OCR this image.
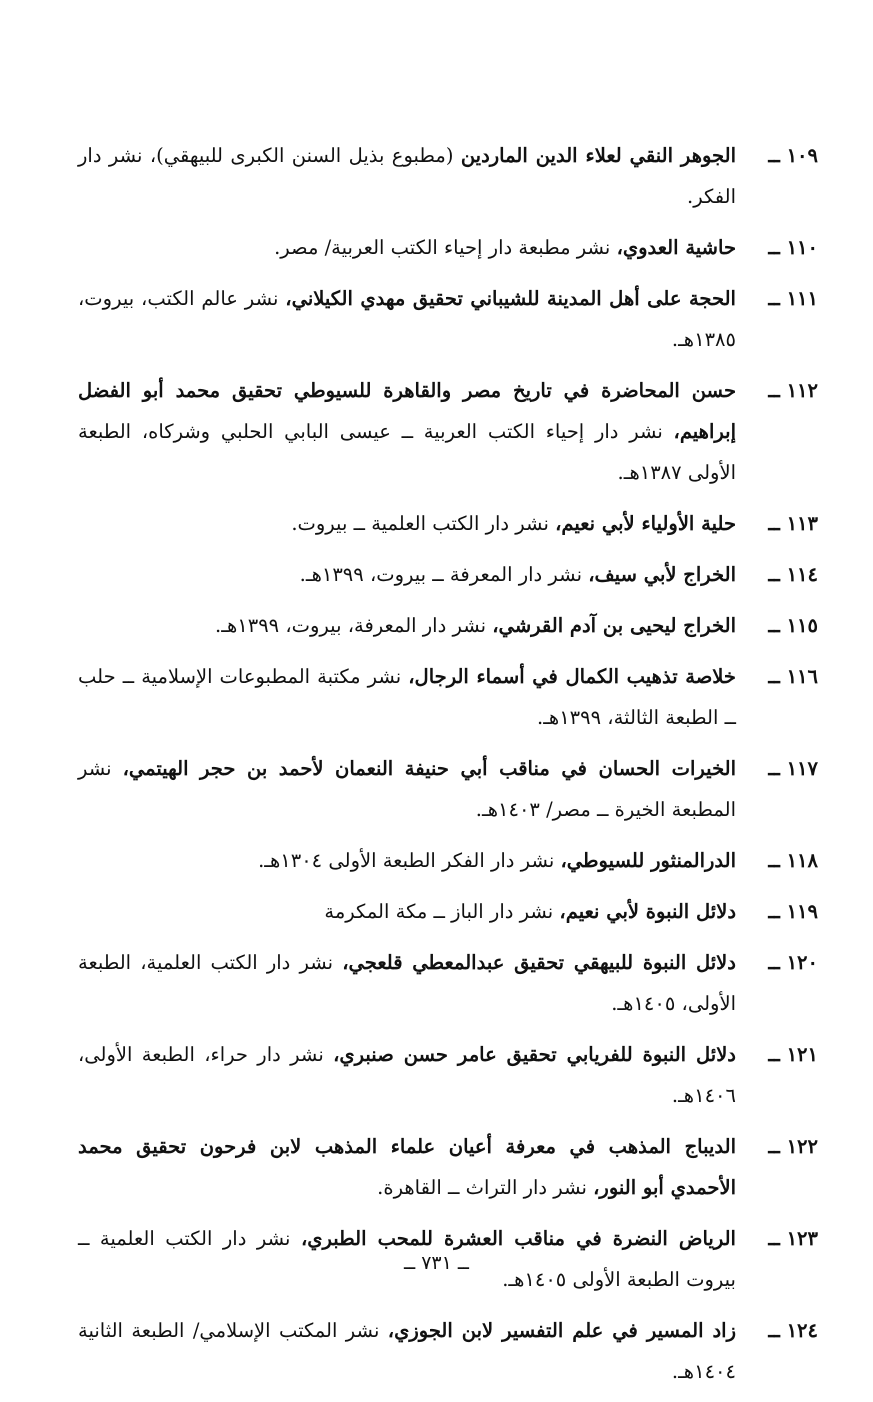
١٠٩ ــ
الجوهر النقي لعلاء الدين الماردين (مطبوع بذيل السنن الكبرى للبيهقي)، نشر دار الفكر.
١١٠ ــ
حاشية العدوي، نشر مطبعة دار إحياء الكتب العربية/ مصر.
١١١ ــ
الحجة على أهل المدينة للشيباني تحقيق مهدي الكيلاني، نشر عالم الكتب، بيروت، ١٣٨٥هـ.
١١٢ ــ
حسن المحاضرة في تاريخ مصر والقاهرة للسيوطي تحقيق محمد أبو الفضل إبراهيم، نشر دار إحياء الكتب العربية ــ عيسى البابي الحلبي وشركاه، الطبعة الأولى ١٣٨٧هـ.
١١٣ ــ
حلية الأولياء لأبي نعيم، نشر دار الكتب العلمية ــ بيروت.
١١٤ ــ
الخراج لأبي سيف، نشر دار المعرفة ــ بيروت، ١٣٩٩هـ.
١١٥ ــ
الخراج ليحيى بن آدم القرشي، نشر دار المعرفة، بيروت، ١٣٩٩هـ.
١١٦ ــ
خلاصة تذهيب الكمال في أسماء الرجال، نشر مكتبة المطبوعات الإسلامية ــ حلب ــ الطبعة الثالثة، ١٣٩٩هـ.
١١٧ ــ
الخيرات الحسان في مناقب أبي حنيفة النعمان لأحمد بن حجر الهيتمي، نشر المطبعة الخيرة ــ مصر/ ١٤٠٣هـ.
١١٨ ــ
الدرالمنثور للسيوطي، نشر دار الفكر الطبعة الأولى ١٣٠٤هـ.
١١٩ ــ
دلائل النبوة لأبي نعيم، نشر دار الباز ــ مكة المكرمة
١٢٠ ــ
دلائل النبوة للبيهقي تحقيق عبدالمعطي قلعجي، نشر دار الكتب العلمية، الطبعة الأولى، ١٤٠٥هـ.
١٢١ ــ
دلائل النبوة للفريابي تحقيق عامر حسن صنبري، نشر دار حراء، الطبعة الأولى، ١٤٠٦هـ.
١٢٢ ــ
الديباج المذهب في معرفة أعيان علماء المذهب لابن فرحون تحقيق محمد الأحمدي أبو النور، نشر دار التراث ــ القاهرة.
١٢٣ ــ
الرياض النضرة في مناقب العشرة للمحب الطبري، نشر دار الكتب العلمية ــ بيروت الطبعة الأولى ١٤٠٥هـ.
١٢٤ ــ
زاد المسير في علم التفسير لابن الجوزي، نشر المكتب الإسلامي/ الطبعة الثانية ١٤٠٤هـ.
ــ ٧٣١ ــ
